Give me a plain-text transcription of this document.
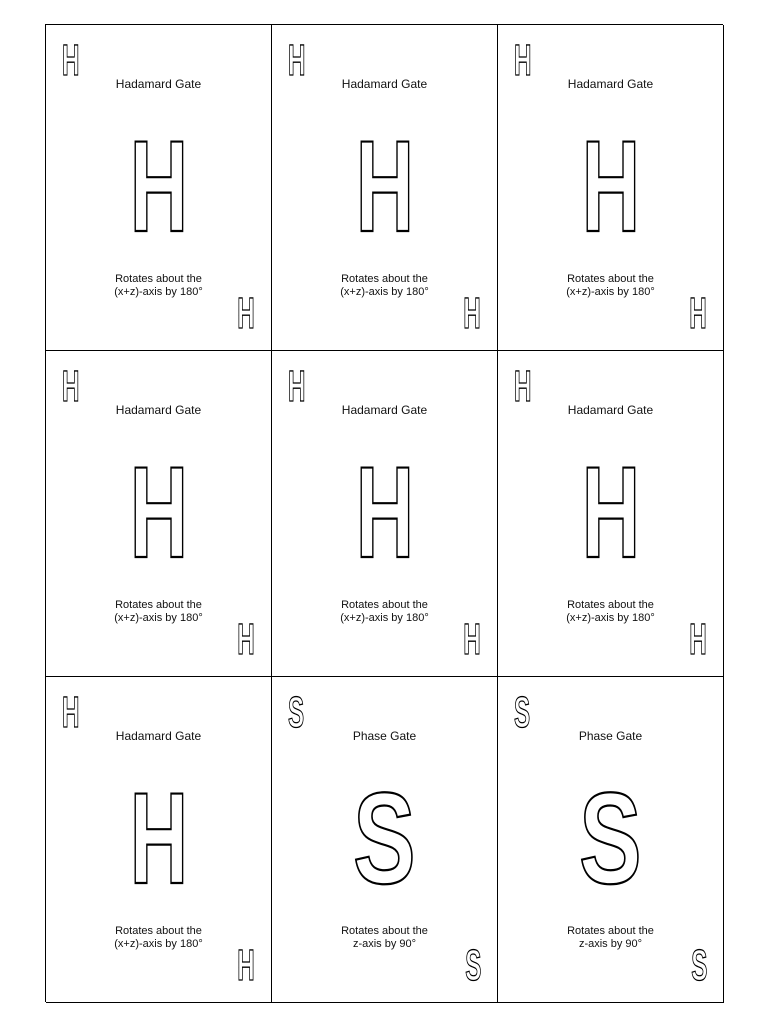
H	Hadamard Gate
H
Rotates about the
(x+z)-axis by 180° H
H	Hadamard Gate
H
Rotates about the
(x+z)-axis by 180° H
H	Hadamard Gate
H
Rotates about the
(x+z)-axis by 180° H
H	Hadamard Gate
H
Rotates about the
(x+z)-axis by 180° H
H	Hadamard Gate
H
Rotates about the
(x+z)-axis by 180° H
H	Hadamard Gate
H
Rotates about the
(x+z)-axis by 180° H
H	Hadamard Gate
H
Rotates about the
(x+z)-axis by 180° H
S	Phase Gate
S
Rotates about the
z-axis by 90°	S
S	Phase Gate
S
Rotates about the
z-axis by 90°	S
